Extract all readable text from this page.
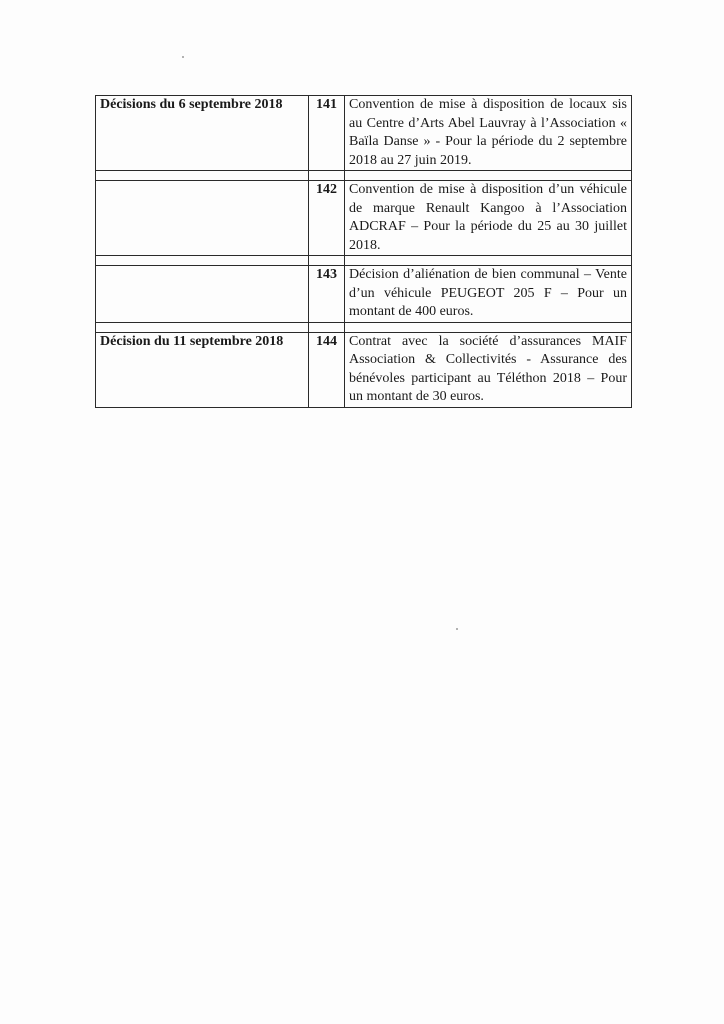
Décisions du 6 septembre 2018	141	Convention de mise à disposition de locaux sis au Centre d’Arts Abel Lauvray à l’Association « Baïla Danse » - Pour la période du 2 septembre 2018 au 27 juin 2019.

	142	Convention de mise à disposition d’un véhicule de marque Renault Kangoo à l’Association ADCRAF – Pour la période du 25 au 30 juillet 2018.

	143	Décision d’aliénation de bien communal – Vente d’un véhicule PEUGEOT 205 F – Pour un montant de 400 euros.

Décision du 11 septembre 2018	144	Contrat avec la société d’assurances MAIF Association & Collectivités - Assurance des bénévoles participant au Téléthon 2018 – Pour un montant de 30 euros.
